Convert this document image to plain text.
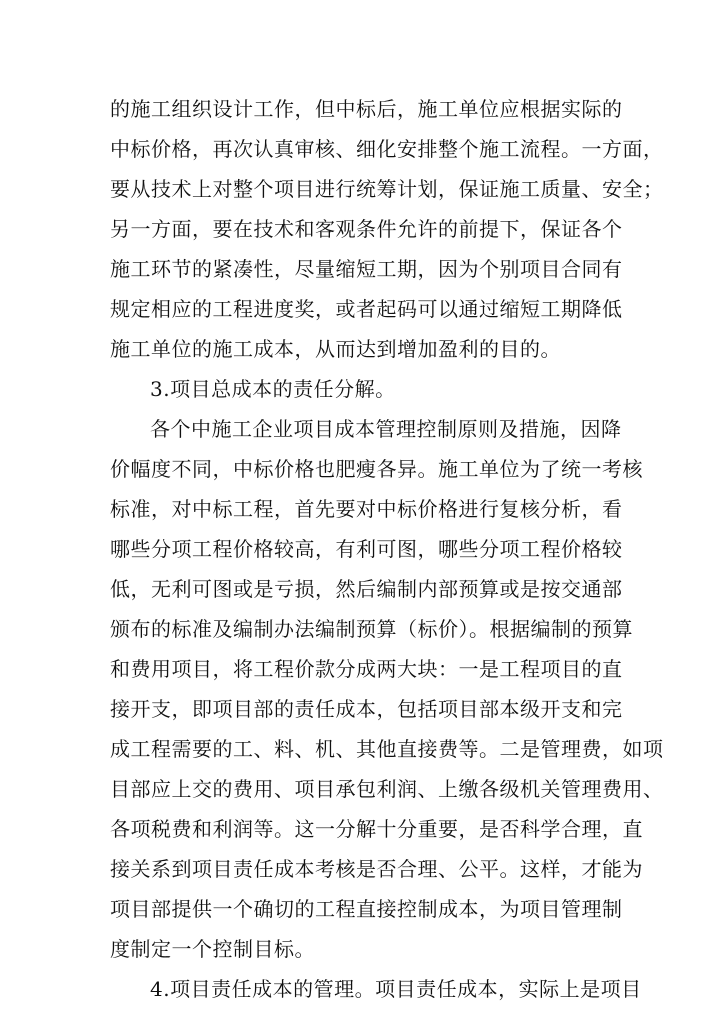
的施工组织设计工作，但中标后，施工单位应根据实际的
中标价格，再次认真审核、细化安排整个施工流程。一方面，
要从技术上对整个项目进行统筹计划，保证施工质量、安全；
另一方面，要在技术和客观条件允许的前提下，保证各个
施工环节的紧凑性，尽量缩短工期，因为个别项目合同有
规定相应的工程进度奖，或者起码可以通过缩短工期降低
施工单位的施工成本，从而达到增加盈利的目的。
3.项目总成本的责任分解。
各个中施工企业项目成本管理控制原则及措施，因降
价幅度不同，中标价格也肥瘦各异。施工单位为了统一考核
标准，对中标工程，首先要对中标价格进行复核分析，看
哪些分项工程价格较高，有利可图，哪些分项工程价格较
低，无利可图或是亏损，然后编制内部预算或是按交通部
颁布的标准及编制办法编制预算（标价）。根据编制的预算
和费用项目，将工程价款分成两大块：一是工程项目的直
接开支，即项目部的责任成本，包括项目部本级开支和完
成工程需要的工、料、机、其他直接费等。二是管理费，如项
目部应上交的费用、项目承包利润、上缴各级机关管理费用、
各项税费和利润等。这一分解十分重要，是否科学合理，直
接关系到项目责任成本考核是否合理、公平。这样，才能为
项目部提供一个确切的工程直接控制成本，为项目管理制
度制定一个控制目标。
4.项目责任成本的管理。项目责任成本，实际上是项目
